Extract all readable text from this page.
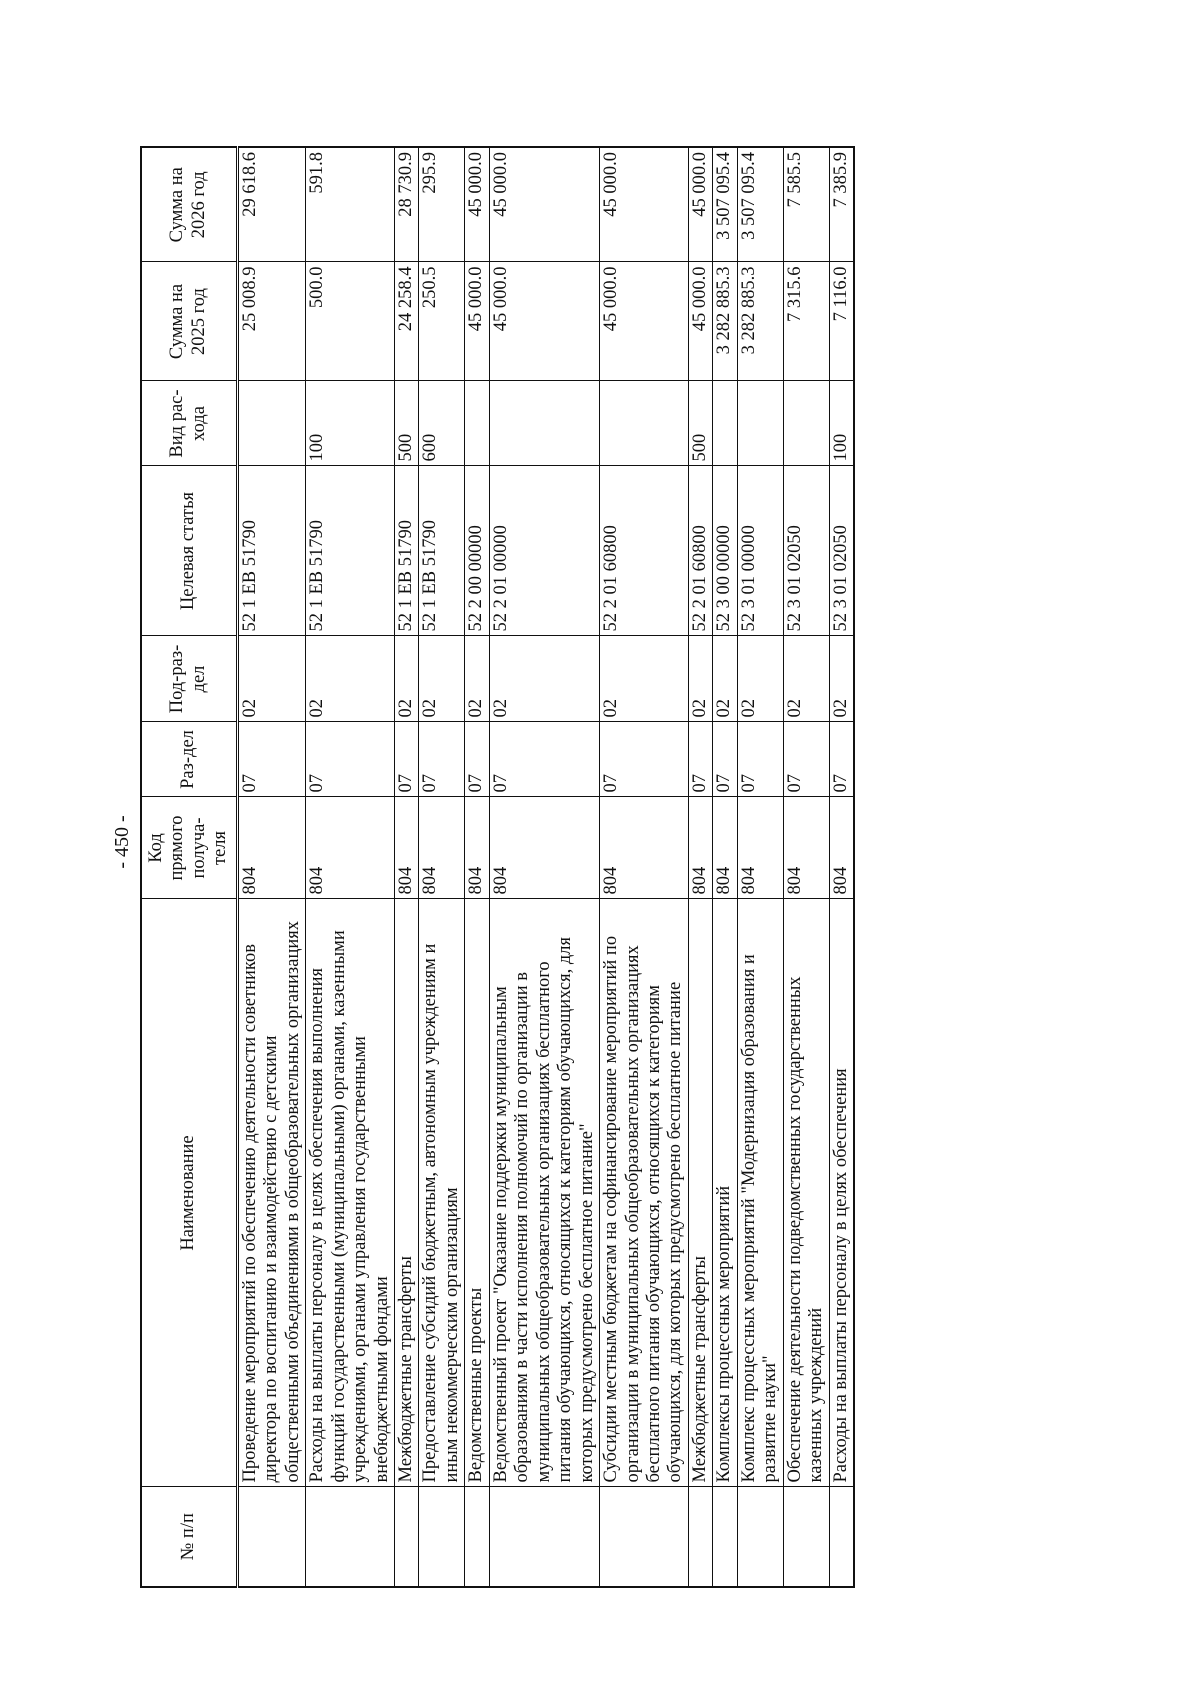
- 450 -
№ п/п	Наименование	Код прямого получа-теля	Раз-дел	Под-раз-дел	Целевая статья	Вид рас-хода	Сумма на 2025 год	Сумма на 2026 год
	Проведение мероприятий по обеспечению деятельности советников директора по воспитанию и взаимодействию с детскими общественными объединениями в общеобразовательных организациях	804	07	02	52 1 ЕВ 51790		25 008.9	29 618.6
	Расходы на выплаты персоналу в целях обеспечения выполнения функций государственными (муниципальными) органами, казенными учреждениями, органами управления государственными внебюджетными фондами	804	07	02	52 1 ЕВ 51790	100	500.0	591.8
	Межбюджетные трансферты	804	07	02	52 1 ЕВ 51790	500	24 258.4	28 730.9
	Предоставление субсидий бюджетным, автономным учреждениям и иным некоммерческим организациям	804	07	02	52 1 ЕВ 51790	600	250.5	295.9
	Ведомственные проекты	804	07	02	52 2 00 00000		45 000.0	45 000.0
	Ведомственный проект "Оказание поддержки муниципальным образованиям в части исполнения полномочий по организации в муниципальных общеобразовательных организациях бесплатного питания обучающихся, относящихся к категориям обучающихся, для которых предусмотрено бесплатное питание"	804	07	02	52 2 01 00000		45 000.0	45 000.0
	Субсидии местным бюджетам на софинансирование мероприятий по организации в муниципальных общеобразовательных организациях бесплатного питания обучающихся, относящихся к категориям обучающихся, для которых предусмотрено бесплатное питание	804	07	02	52 2 01 60800		45 000.0	45 000.0
	Межбюджетные трансферты	804	07	02	52 2 01 60800	500	45 000.0	45 000.0
	Комплексы процессных мероприятий	804	07	02	52 3 00 00000		3 282 885.3	3 507 095.4
	Комплекс процессных мероприятий "Модернизация образования и развитие науки"	804	07	02	52 3 01 00000		3 282 885.3	3 507 095.4
	Обеспечение деятельности подведомственных государственных казенных учреждений	804	07	02	52 3 01 02050		7 315.6	7 585.5
	Расходы на выплаты персоналу в целях обеспечения	804	07	02	52 3 01 02050	100	7 116.0	7 385.9
